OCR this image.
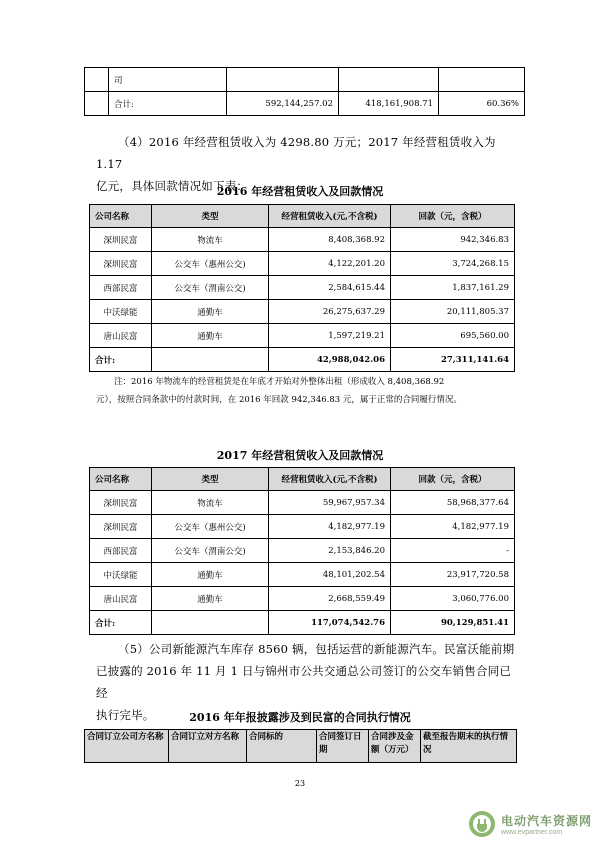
	司			
	合计:	592,144,257.02	418,161,908.71	60.36%
（4）2016 年经营租赁收入为 4298.80 万元；2017 年经营租赁收入为 1.17
亿元，具体回款情况如下表：
2016 年经营租赁收入及回款情况
公司名称	类型	经营租赁收入(元,不含税)	回款（元，含税）
深圳民富	物流车	8,408,368.92	942,346.83
深圳民富	公交车（惠州公交)	4,122,201.20	3,724,268.15
西部民富	公交车（渭南公交)	2,584,615.44	1,837,161.29
中沃绿能	通勤车	26,275,637.29	20,111,805.37
唐山民富	通勤车	1,597,219.21	695,560.00
合计:		42,988,042.06	27,311,141.64
注：2016 年物流车的经营租赁是在年底才开始对外整体出租（形成收入 8,408,368.92
元），按照合同条款中的付款时间，在 2016 年回款 942,346.83 元，属于正常的合同履行情况。
2017 年经营租赁收入及回款情况
公司名称	类型	经营租赁收入(元,不含税)	回款（元，含税）
深圳民富	物流车	59,967,957.34	58,968,377.64
深圳民富	公交车（惠州公交)	4,182,977.19	4,182,977.19
西部民富	公交车（渭南公交)	2,153,846.20	-
中沃绿能	通勤车	48,101,202.54	23,917,720.58
唐山民富	通勤车	2,668,559.49	3,060,776.00
合计:		117,074,542.76	90,129,851.41
（5）公司新能源汽车库存 8560 辆，包括运营的新能源汽车。民富沃能前期
已披露的 2016 年 11 月 1 日与锦州市公共交通总公司签订的公交车销售合同已经
执行完毕。	2016 年年报披露涉及到民富的合同执行情况
合同订立公司方名称	合同订立对方名称	合同标的	合同签订日期	合同涉及金额（万元）	截至报告期末的执行情况
23
电动汽车资源网
www.evpartner.com
